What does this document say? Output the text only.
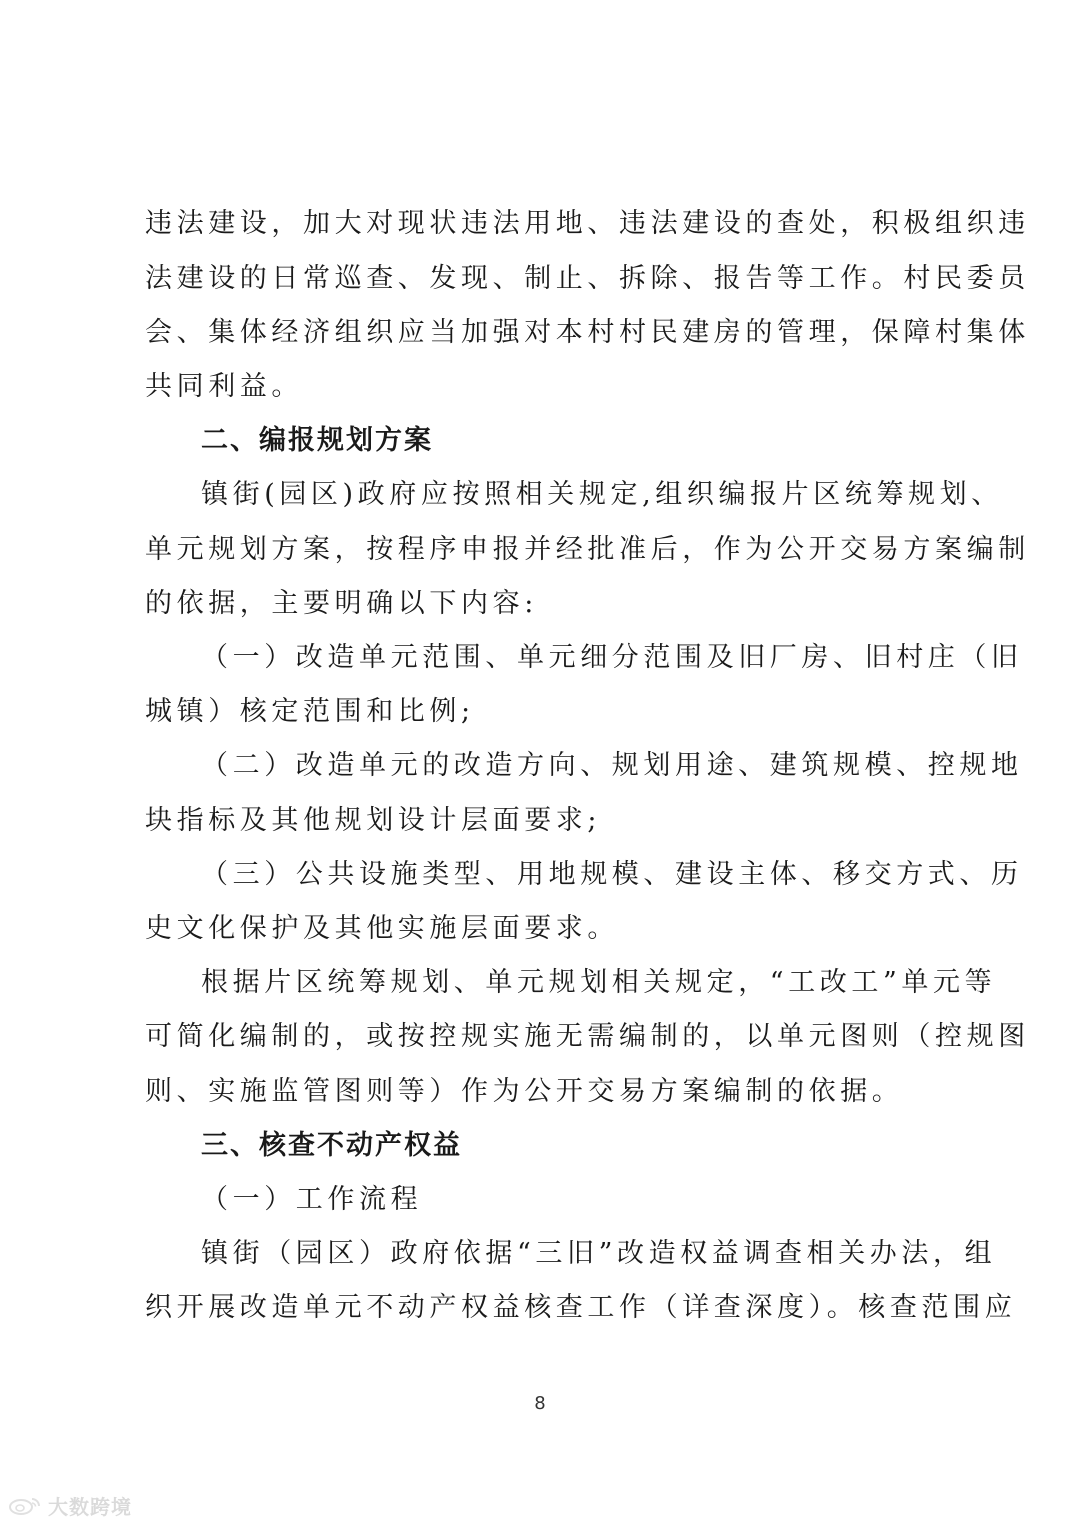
违法建设，加大对现状违法用地、违法建设的查处，积极组织违
法建设的日常巡查、发现、制止、拆除、报告等工作。村民委员
会、集体经济组织应当加强对本村村民建房的管理，保障村集体
共同利益。
二、编报规划方案
镇街(园区)政府应按照相关规定,组织编报片区统筹规划、
单元规划方案，按程序申报并经批准后，作为公开交易方案编制
的依据，主要明确以下内容:
（一）改造单元范围、单元细分范围及旧厂房、旧村庄（旧
城镇）核定范围和比例;
（二）改造单元的改造方向、规划用途、建筑规模、控规地
块指标及其他规划设计层面要求;
（三）公共设施类型、用地规模、建设主体、移交方式、历
史文化保护及其他实施层面要求。
根据片区统筹规划、单元规划相关规定，“工改工”单元等
可简化编制的，或按控规实施无需编制的，以单元图则（控规图
则、实施监管图则等）作为公开交易方案编制的依据。
三、核查不动产权益
（一）工作流程
镇街（园区）政府依据“三旧”改造权益调查相关办法，组
织开展改造单元不动产权益核查工作（详查深度）。核查范围应
8
大数跨境
